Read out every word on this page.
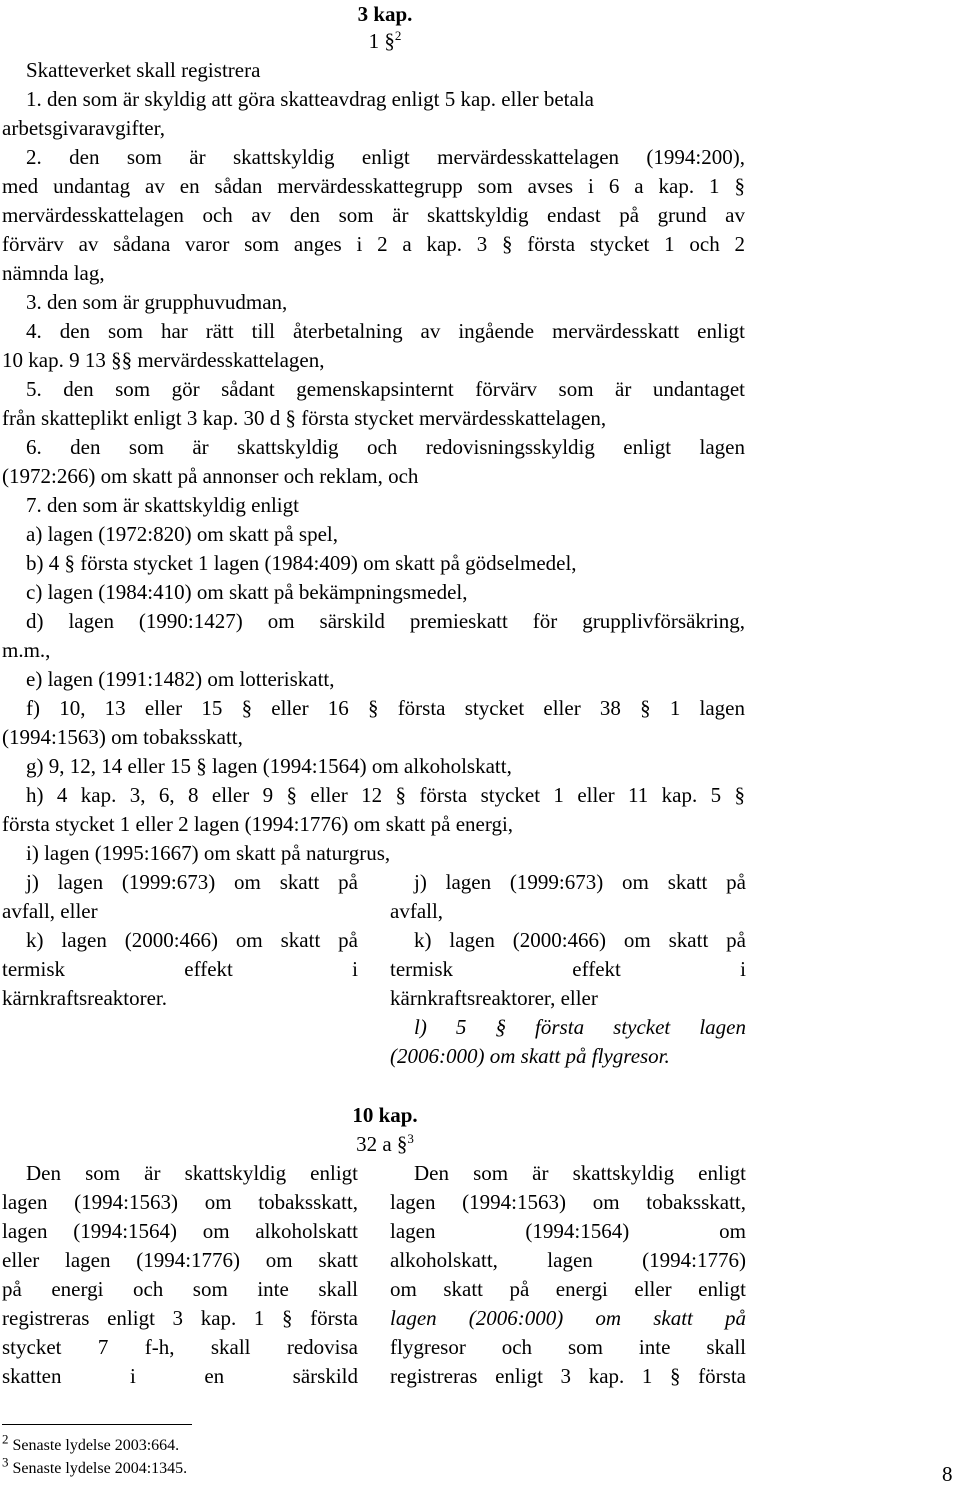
3 kap.
1 §$^2$
Skatteverket skall registrera
1. den som är skyldig att göra skatteavdrag enligt 5 kap. eller betala
arbetsgivaravgifter,
2. den som är skattskyldig enligt mervärdesskattelagen (1994:200),
med undantag av en sådan mervärdesskattegrupp som avses i 6 a kap. 1 §
mervärdesskattelagen och av den som är skattskyldig endast på grund av
förvärv av sådana varor som anges i 2 a kap. 3 § första stycket 1 och 2
nämnda lag,
3. den som är grupphuvudman,
4. den som har rätt till återbetalning av ingående mervärdesskatt enligt
10 kap. 9 13 §§ mervärdesskattelagen,
5. den som gör sådant gemenskapsinternt förvärv som är undantaget
från skatteplikt enligt 3 kap. 30 d § första stycket mervärdesskattelagen,
6. den som är skattskyldig och redovisningsskyldig enligt lagen
(1972:266) om skatt på annonser och reklam, och
7. den som är skattskyldig enligt
a) lagen (1972:820) om skatt på spel,
b) 4 § första stycket 1 lagen (1984:409) om skatt på gödselmedel,
c) lagen (1984:410) om skatt på bekämpningsmedel,
d) lagen (1990:1427) om särskild premieskatt för grupplivförsäkring,
m.m.,
e) lagen (1991:1482) om lotteriskatt,
f) 10, 13 eller 15 § eller 16 § första stycket eller 38 § 1 lagen
(1994:1563) om tobaksskatt,
g) 9, 12, 14 eller 15 § lagen (1994:1564) om alkoholskatt,
h) 4 kap. 3, 6, 8 eller 9 § eller 12 § första stycket 1 eller 11 kap. 5 §
första stycket 1 eller 2 lagen (1994:1776) om skatt på energi,
i) lagen (1995:1667) om skatt på naturgrus,
j) lagen (1999:673) om skatt på
avfall, eller
k) lagen (2000:466) om skatt på
termisk effekt i
kärnkraftsreaktorer.
j) lagen (1999:673) om skatt på
avfall,
k) lagen (2000:466) om skatt på
termisk effekt i
kärnkraftsreaktorer, eller
l) 5 § första stycket lagen
(2006:000) om skatt på flygresor.
10 kap.
32 a §$^3$
Den som är skattskyldig enligt
lagen (1994:1563) om tobaksskatt,
lagen (1994:1564) om alkoholskatt
eller lagen (1994:1776) om skatt
på energi och som inte skall
registreras enligt 3 kap. 1 § första
stycket 7 f-h, skall redovisa
skatten i en särskild
Den som är skattskyldig enligt
lagen (1994:1563) om tobaksskatt,
lagen (1994:1564) om
alkoholskatt, lagen (1994:1776)
om skatt på energi eller enligt
lagen (2006:000) om skatt på
flygresor och som inte skall
registreras enligt 3 kap. 1 § första
$^2$ Senaste lydelse 2003:664.
$^3$ Senaste lydelse 2004:1345.	8
